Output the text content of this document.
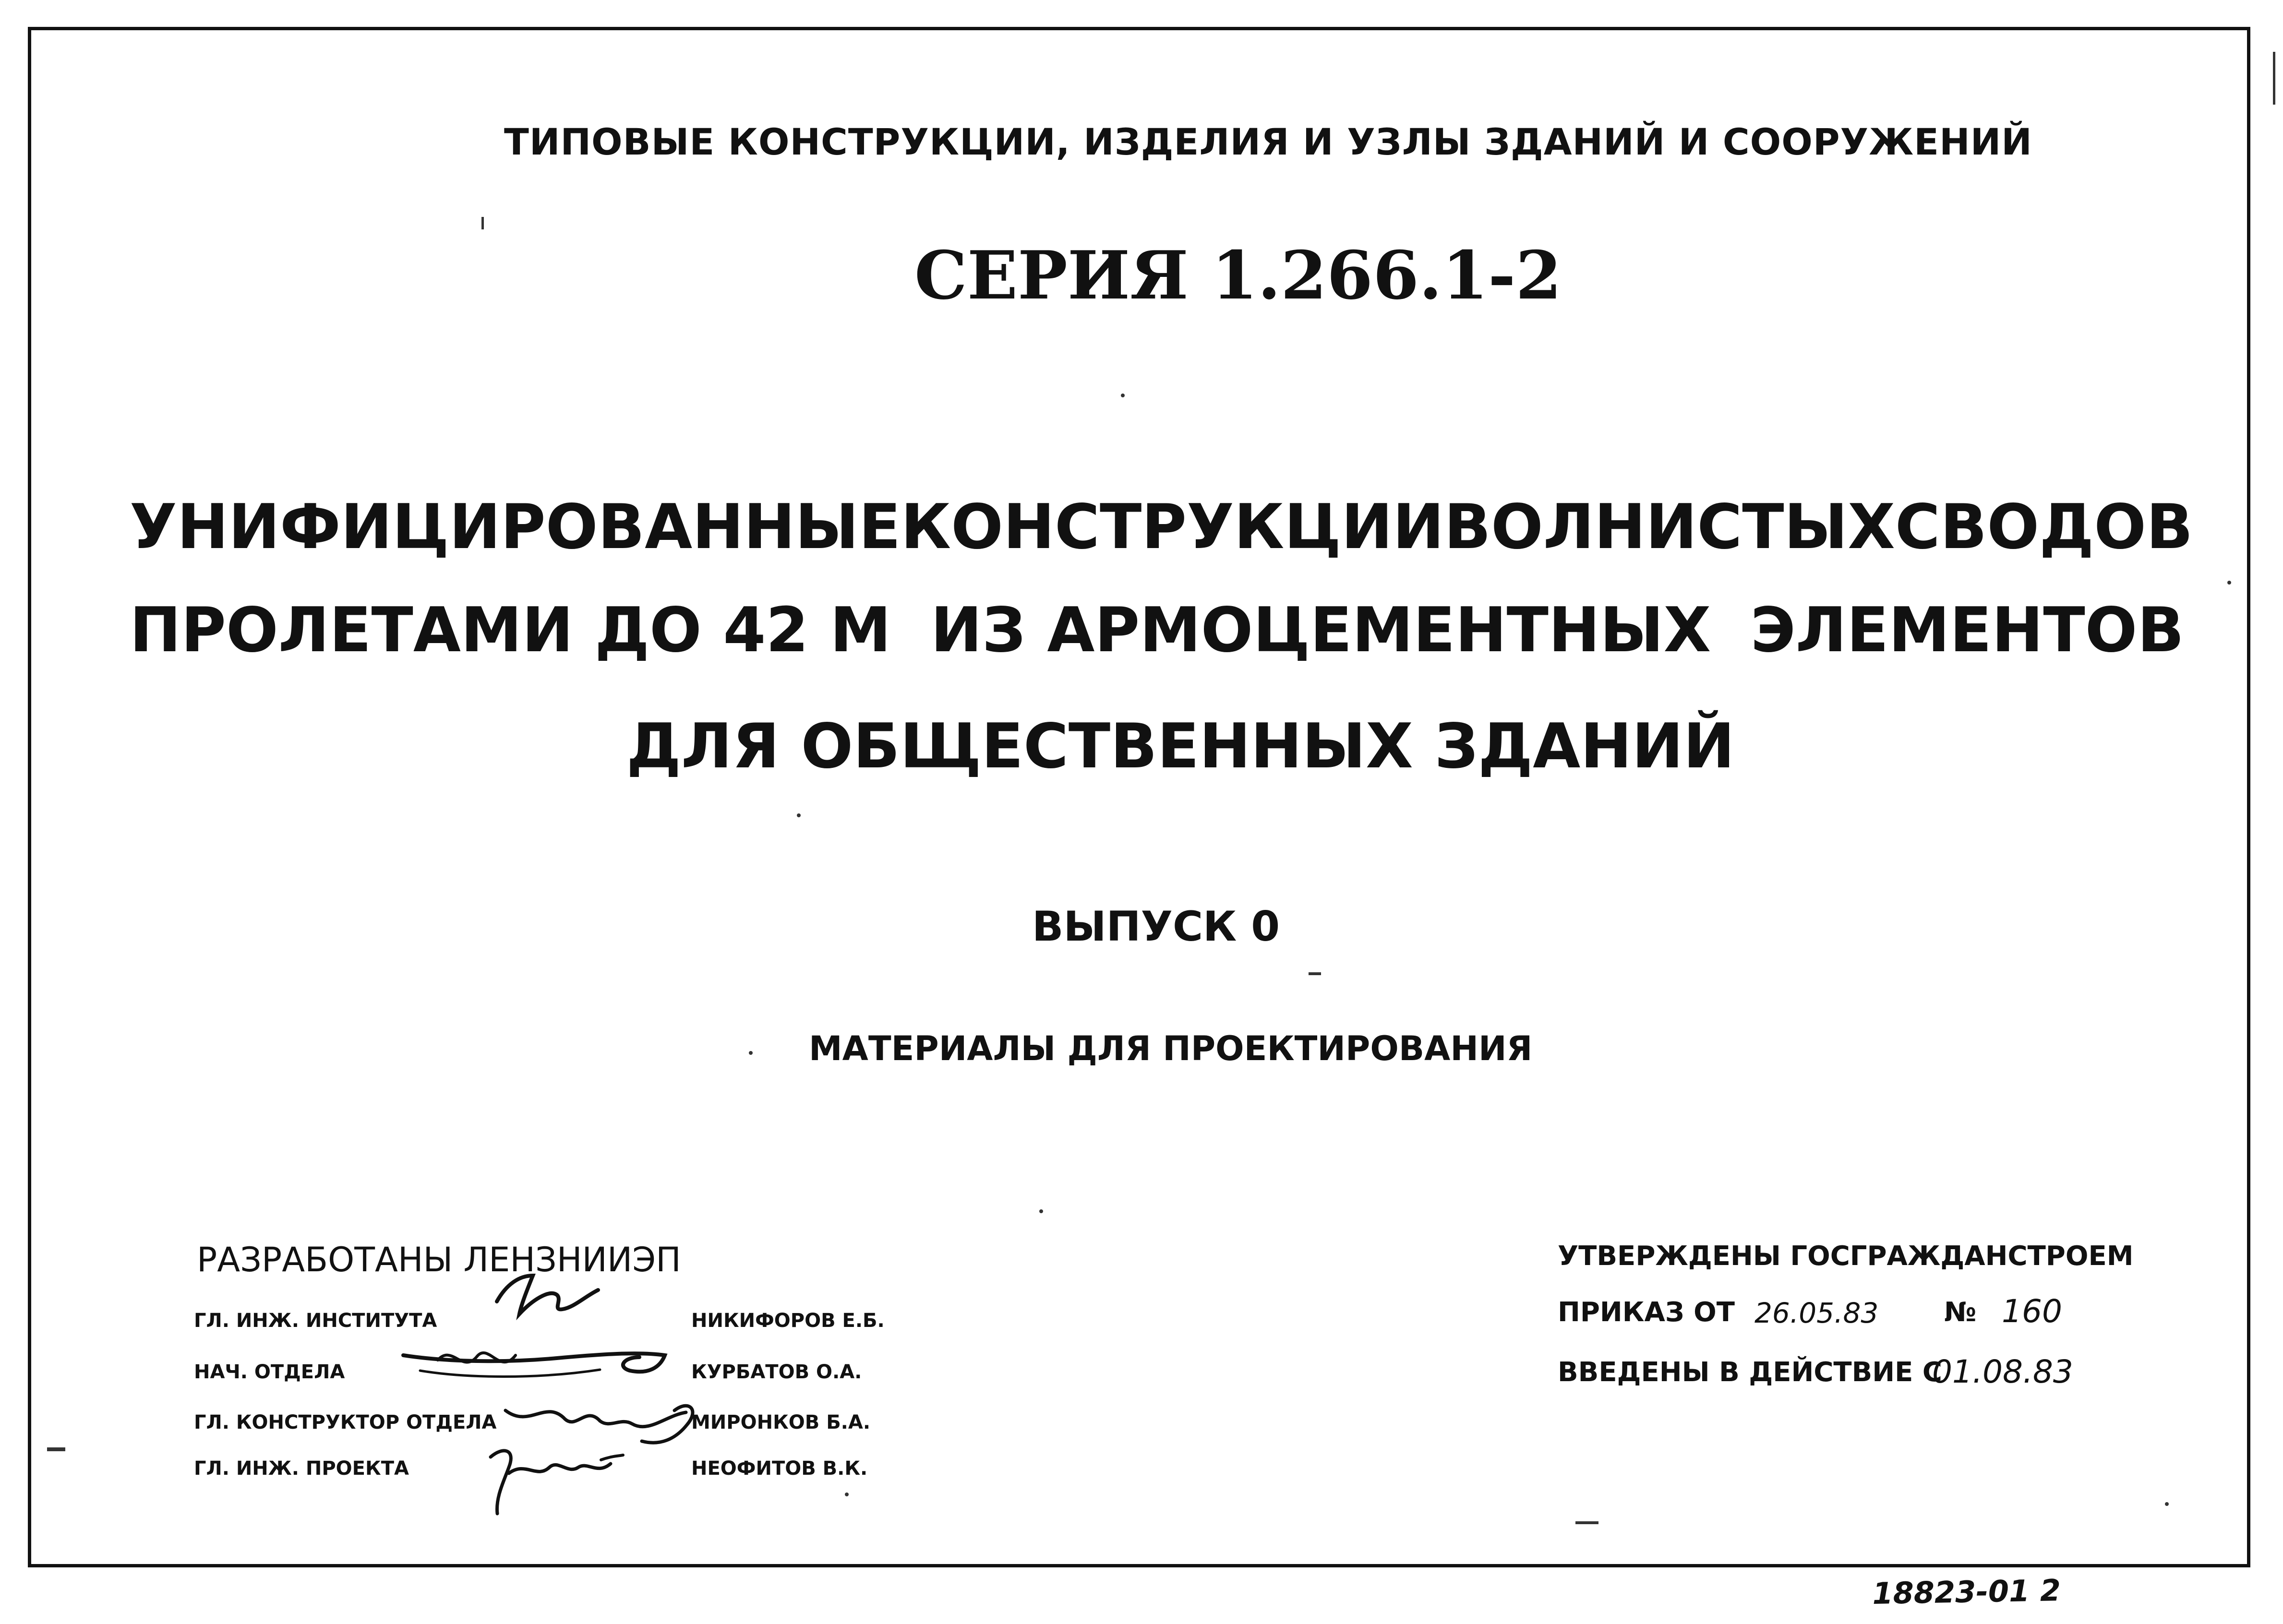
ТИПОВЫЕ КОНСТРУКЦИИ, ИЗДЕЛИЯ И УЗЛЫ ЗДАНИЙ И СООРУЖЕНИЙ
СЕРИЯ 1.266.1-2
УНИФИЦИРОВАННЫЕ КОНСТРУКЦИИ ВОЛНИСТЫХ СВОДОВ
ПРОЛЕТАМИ ДО 42 М ИЗ АРМОЦЕМЕНТНЫХ ЭЛЕМЕНТОВ
ДЛЯ ОБЩЕСТВЕННЫХ ЗДАНИЙ
ВЫПУСК 0
МАТЕРИАЛЫ ДЛЯ ПРОЕКТИРОВАНИЯ
РАЗРАБОТАНЫ ЛЕНЗНИИЭП
ГЛ. ИНЖ. ИНСТИТУТА	НИКИФОРОВ Е.Б.
НАЧ. ОТДЕЛА	КУРБАТОВ О.А.
ГЛ. КОНСТРУКТОР ОТДЕЛА	МИРОНКОВ Б.А.
ГЛ. ИНЖ. ПРОЕКТА	НЕОФИТОВ В.К.
УТВЕРЖДЕНЫ ГОСГРАЖДАНСТРОЕМ
ПРИКАЗ ОТ 26.05.83 № 160
ВВЕДЕНЫ В ДЕЙСТВИЕ С
01.08.83
18823-01 2
